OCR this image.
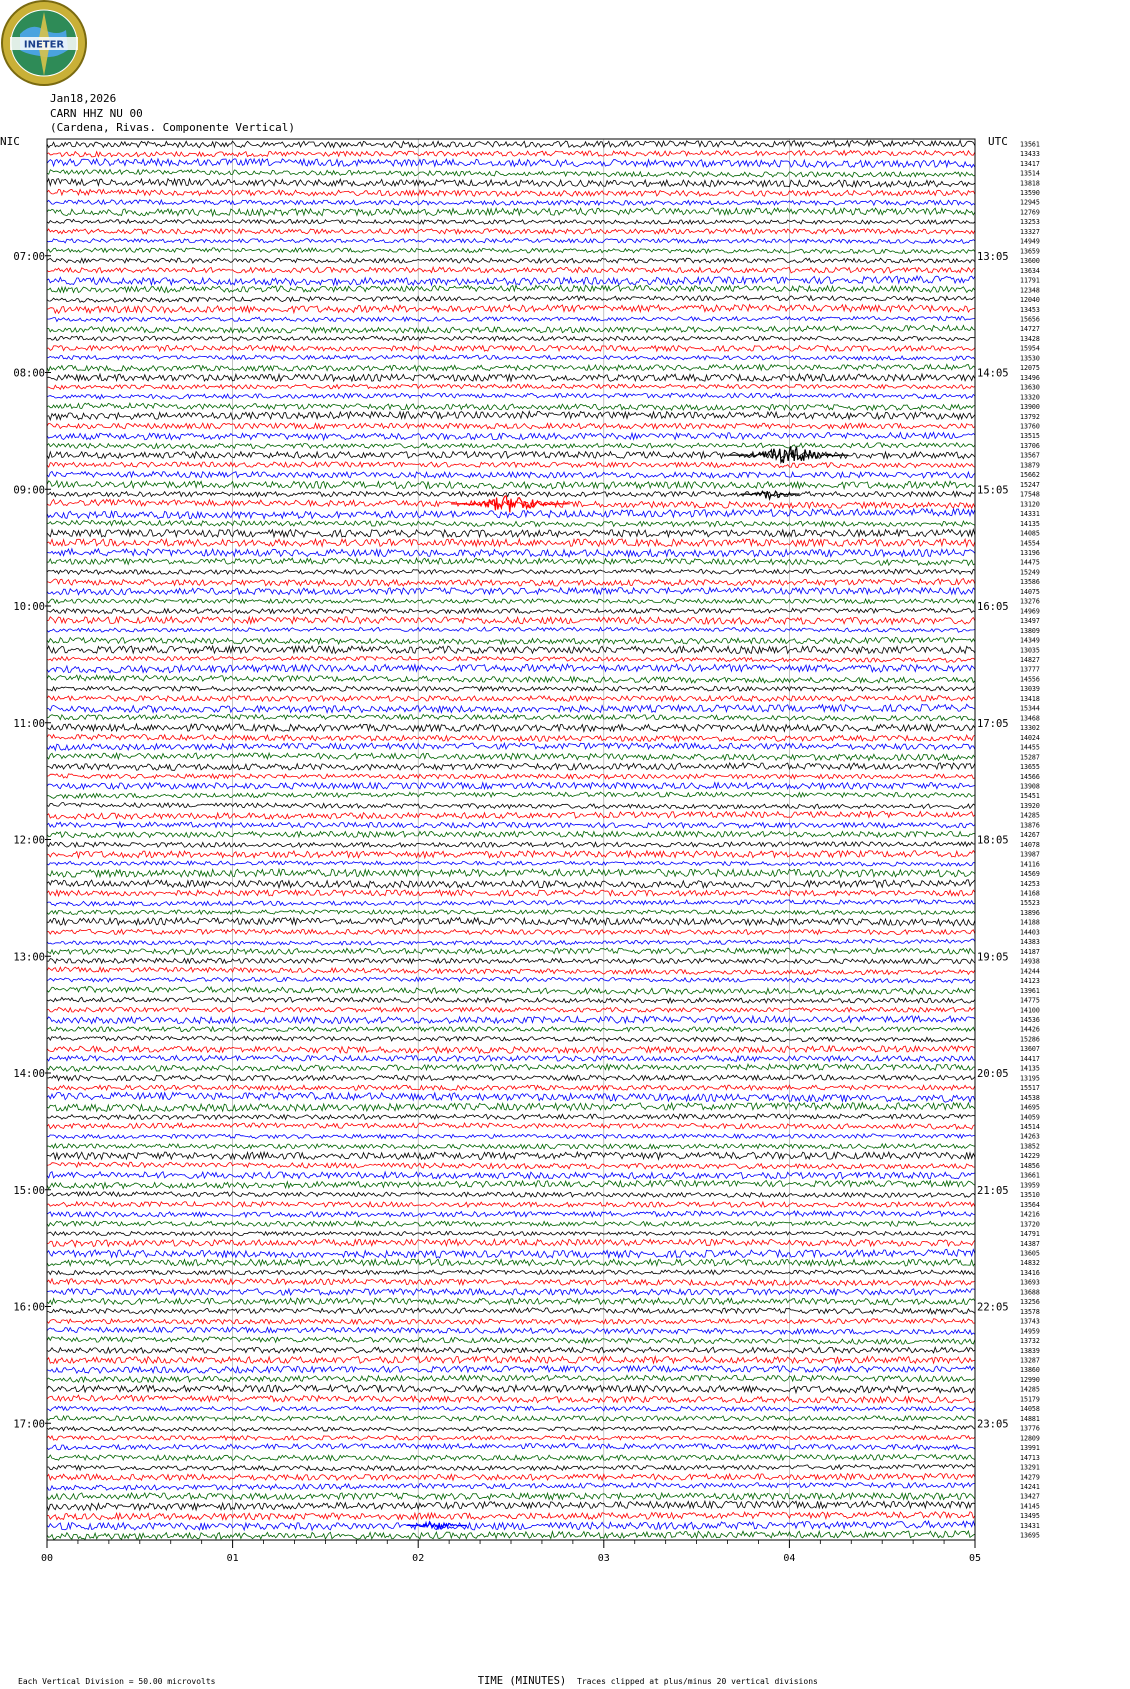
INETER
Jan18,2026
CARN HHZ NU 00
(Cardena, Rivas. Componente Vertical)
NIC	UTC
07:00
08:00
09:00
10:00
11:00
12:00
13:00
14:00
15:00
16:00
17:00
13:05
14:05
15:05
16:05
17:05
18:05
19:05
20:05
21:05
22:05
23:05
13561
13433
13417
13514
13818
13590
12945
12769
13253
13327
14949
13659
13600
13634
11791
12348
12040
13453
15656
14727
13428
15954
13530
12075
13496
13630
13320
13900
13792
13760
13515
13706
13567
13879
15662
15247
17548
13120
14331
14135
14085
14554
13196
14475
15249
13586
14075
13276
14969
13497
13809
14349
13035
14827
13777
14556
13039
13418
15344
13468
13302
14024
14455
15287
13655
14566
13908
15451
13920
14285
13876
14267
14078
13987
14116
14569
14253
14168
15523
13896
14188
14403
14383
14187
14938
14244
14123
13961
14775
14100
14536
14426
15286
13607
14417
14135
13195
15517
14538
14695
14059
14514
14263
13852
14229
14856
13661
13959
13510
13564
14216
13720
14791
14387
13605
14832
13416
13693
13688
13256
13578
13743
14959
13732
13839
13287
13860
12990
14285
15179
14058
14881
13776
12809
13991
14713
13291
14279
14241
13427
14145
13495
13431
13695
00	01	02	03	04	05
TIME (MINUTES)
Each Vertical Division = 50.00 microvolts	Traces clipped at plus/minus 20 vertical divisions
